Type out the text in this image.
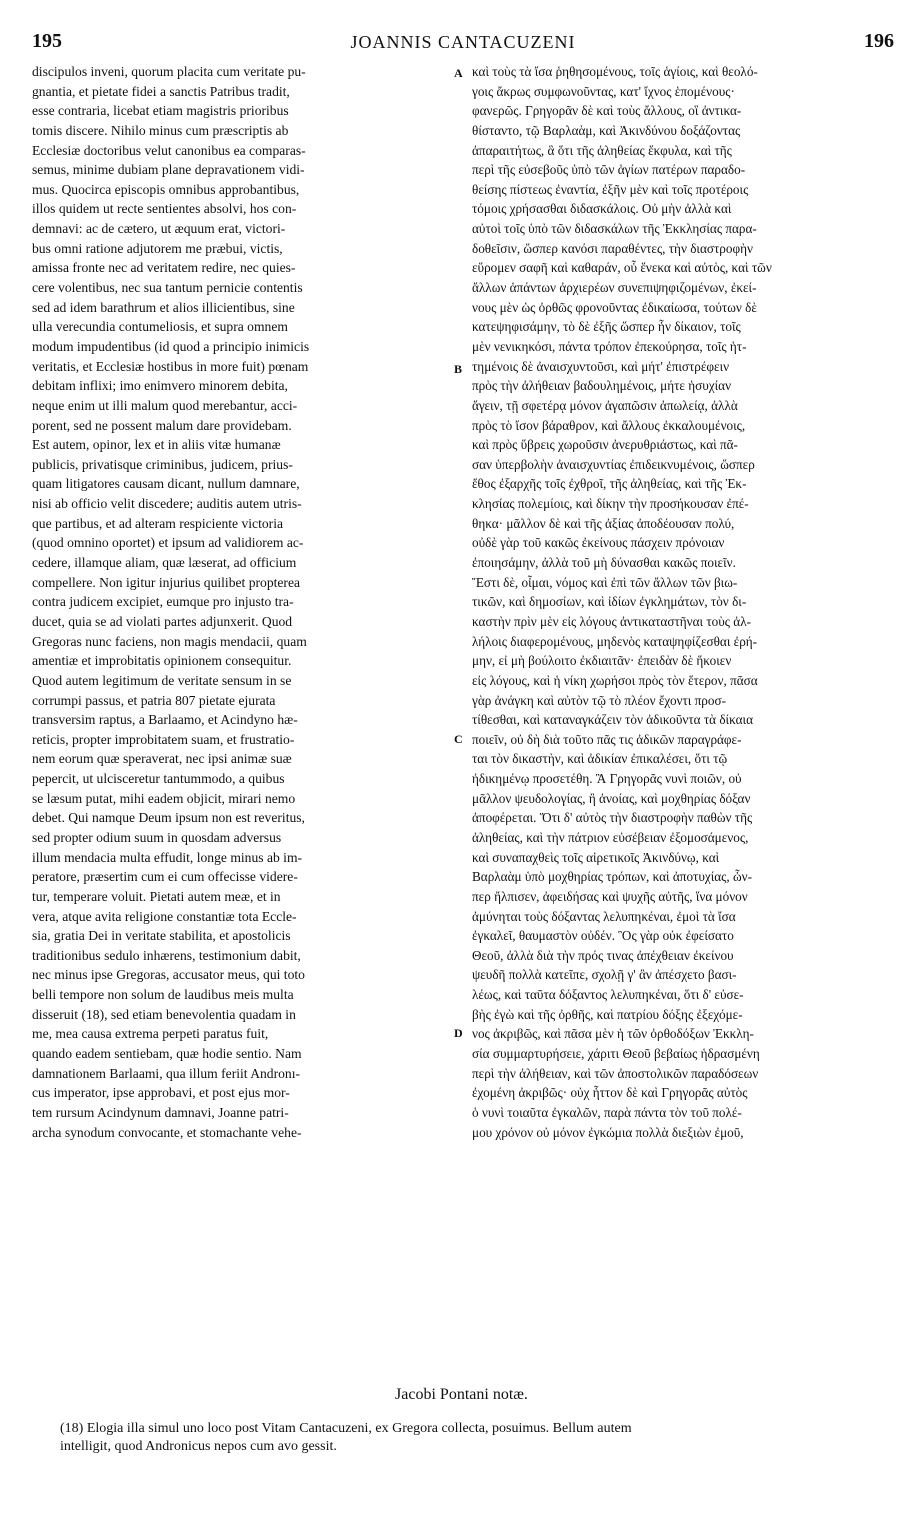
195	JOANNIS CANTACUZENI	196
discipulos inveni, quorum placita cum veritate pu-
gnantia, et pietate fidei a sanctis Patribus tradit,
esse contraria, licebat etiam magistris prioribus
tomis discere. Nihilo minus cum præscriptis ab
Ecclesiæ doctoribus velut canonibus ea comparas-
semus, minime dubiam plane depravationem vidi-
mus. Quocirca episcopis omnibus approbantibus,
illos quidem ut recte sentientes absolvi, hos con-
demnavi: ac de cætero, ut æquum erat, victori-
bus omni ratione adjutorem me præbui, victis,
amissa fronte nec ad veritatem redire, nec quies-
cere volentibus, nec sua tantum pernicie contentis
sed ad idem barathrum et alios illicientibus, sine
ulla verecundia contumeliosis, et supra omnem
modum impudentibus (id quod a principio inimicis
veritatis, et Ecclesiæ hostibus in more fuit) pœnam
debitam inflixi; imo enimvero minorem debita,
neque enim ut illi malum quod merebantur, acci-
porent, sed ne possent malum dare providebam.
Est autem, opinor, lex et in aliis vitæ humanæ
publicis, privatisque criminibus, judicem, prius-
quam litigatores causam dicant, nullum damnare,
nisi ab officio velit discedere; auditis autem utris-
que partibus, et ad alteram respiciente victoria
(quod omnino oportet) et ipsum ad validiorem ac-
cedere, illamque aliam, quæ læserat, ad officium
compellere. Non igitur injurius quilibet propterea
contra judicem excipiet, eumque pro injusto tra-
ducet, quia se ad violati partes adjunxerit. Quod
Gregoras nunc faciens, non magis mendacii, quam
amentiæ et improbitatis opinionem consequitur.
Quod autem legitimum de veritate sensum in se
corrumpi passus, et patria 807 pietate ejurata
transversim raptus, a Barlaamo, et Acindyno hæ-
reticis, propter improbitatem suam, et frustratio-
nem eorum quæ speraverat, nec ipsi animæ suæ
pepercit, ut ulcisceretur tantummodo, a quibus
se læsum putat, mihi eadem objicit, mirari nemo
debet. Qui namque Deum ipsum non est reveritus,
sed propter odium suum in quosdam adversus
illum mendacia multa effudit, longe minus ab im-
peratore, præsertim cum ei cum offecisse videre-
tur, temperare voluit. Pietati autem meæ, et in
vera, atque avita religione constantiæ tota Eccle-
sia, gratia Dei in veritate stabilita, et apostolicis
traditionibus sedulo inhærens, testimonium dabit,
nec minus ipse Gregoras, accusator meus, qui toto
belli tempore non solum de laudibus meis multa
disseruit (18), sed etiam benevolentia quadam in
me, mea causa extrema perpeti paratus fuit,
quando eadem sentiebam, quæ hodie sentio. Nam
damnationem Barlaami, qua illum feriit Andronı-
cus imperator, ipse approbavi, et post ejus mor-
tem rursum Acindynum damnavi, Joanne patri-
archa synodum convocante, et stomachante vehe-
καὶ τοὺς τὰ ἴσα ῥηθησομένους, τοῖς ἁγίοις, καὶ θεολό-
γοις ἄκρως συμφωνοῦντας, κατ' ἴχνος ἑπομένους·
φανερῶς. Γρηγορᾶν δὲ καὶ τοὺς ἄλλους, οἳ ἀντικα-
θίσταντο, τῷ Βαρλαὰμ, καὶ Ἀκινδύνου δοξάζοντας
ἀπαραιτήτως, ἃ ὅτι τῆς ἀληθείας ἔκφυλα, καὶ τῆς
περὶ τῆς εὐσεβοῦς ὑπὸ τῶν ἁγίων πατέρων παραδο-
θείσης πίστεως ἐναντία, ἐξῆν μὲν καὶ τοῖς προτέροις
τόμοις χρήσασθαι διδασκάλοις. Οὐ μὴν ἀλλὰ καὶ
αὐτοὶ τοῖς ὑπὸ τῶν διδασκάλων τῆς Ἐκκλησίας παρα-
δοθεῖσιν, ὥσπερ κανόσι παραθέντες, τὴν διαστροφὴν
εὕρομεν σαφῆ καὶ καθαράν, οὗ ἕνεκα καὶ αὐτὸς, καὶ τῶν
ἄλλων ἁπάντων ἀρχιερέων συνεπιψηφιζομένων, ἐκεί-
νους μὲν ὡς ὀρθῶς φρονοῦντας ἐδικαίωσα, τούτων δὲ
κατεψηφισάμην, τὸ δὲ ἐξῆς ὥσπερ ἦν δίκαιον, τοῖς
μὲν νενικηκόσι, πάντα τρόπον ἐπεκούρησα, τοῖς ἡτ-
τημένοις δὲ ἀναισχυντοῦσι, καὶ μήτ' ἐπιστρέφειν
πρὸς τὴν ἀλήθειαν βαδουλημένοις, μήτε ἡσυχίαν
ἄγειν, τῇ σφετέρᾳ μόνον ἀγαπῶσιν ἀπωλείᾳ, ἀλλὰ
πρὸς τὸ ἴσον βάραθρον, καὶ ἄλλους ἐκκαλουμένοις,
καὶ πρὸς ὕβρεις χωροῦσιν ἀνερυθριάστως, καὶ πᾶ-
σαν ὑπερβολὴν ἀναισχυντίας ἐπιδεικνυμένοις, ὥσπερ
ἔθος ἐξαρχῆς τοῖς ἐχθροῖ, τῆς ἀληθείας, καὶ τῆς Ἐκ-
κλησίας πολεμίοις, καὶ δίκην τὴν προσήκουσαν ἐπέ-
θηκα· μᾶλλον δὲ καὶ τῆς ἀξίας ἀποδέουσαν πολύ,
οὐδὲ γὰρ τοῦ κακῶς ἐκείνους πάσχειν πρόνοιαν
ἐποιησάμην, ἀλλὰ τοῦ μὴ δύνασθαι κακῶς ποιεῖν.
Ἔστι δὲ, οἶμαι, νόμος καὶ ἐπὶ τῶν ἄλλων τῶν βιω-
τικῶν, καὶ δημοσίων, καὶ ἰδίων ἐγκλημάτων, τὸν δι-
καστὴν πρὶν μὲν εἰς λόγους ἀντικαταστῆναι τοὺς ἀλ-
λήλοις διαφερομένους, μηδενὸς καταψηφίζεσθαι ἐρή-
μην, εἰ μὴ βούλοιτο ἐκδιαιτᾶν· ἐπειδὰν δὲ ἥκοιεν
εἰς λόγους, καὶ ἡ νίκη χωρήσοι πρὸς τὸν ἕτερον, πᾶσα
γὰρ ἀνάγκη καὶ αὐτὸν τῷ τὸ πλέον ἔχοντι προσ-
τίθεσθαι, καὶ καταναγκάζειν τὸν ἀδικοῦντα τὰ δίκαια
ποιεῖν, οὐ δὴ διὰ τοῦτο πᾶς τις ἀδικῶν παραγράφε-
ται τὸν δικαστὴν, καὶ ἀδικίαν ἐπικαλέσει, ὅτι τῷ
ἠδικημένῳ προσετέθη. Ἃ Γρηγορᾶς νυνὶ ποιῶν, οὐ
μᾶλλον ψευδολογίας, ἢ ἀνοίας, καὶ μοχθηρίας δόξαν
ἀποφέρεται. Ὅτι δ' αὐτὸς τὴν διαστροφὴν παθὼν τῆς
ἀληθείας, καὶ τὴν πάτριον εὐσέβειαν ἐξομοσάμενος,
καὶ συναπαχθεὶς τοῖς αἱρετικοῖς Ἀκινδύνῳ, καὶ
Βαρλαὰμ ὑπὸ μοχθηρίας τρόπων, καὶ ἀποτυχίας, ὧν-
περ ἤλπισεν, ἀφειδήσας καὶ ψυχῆς αὐτῆς, ἵνα μόνον
ἀμύνηται τοὺς δόξαντας λελυπηκέναι, ἐμοὶ τὰ ἴσα
ἐγκαλεῖ, θαυμαστὸν οὐδέν. Ὃς γὰρ οὐκ ἐφείσατο
Θεοῦ, ἀλλὰ διὰ τὴν πρός τινας ἀπέχθειαν ἐκείνου
ψευδῆ πολλὰ κατεῖπε, σχολῇ γ' ἂν ἀπέσχετο βασι-
λέως, καὶ ταῦτα δόξαντος λελυπηκέναι, ὅτι δ' εὐσε-
βὴς ἐγὼ καὶ τῆς ὀρθῆς, καὶ πατρίου δόξης ἐξεχόμε-
νος ἀκριβῶς, καὶ πᾶσα μὲν ἡ τῶν ὀρθοδόξων Ἐκκλη-
σία συμμαρτυρήσειε, χάριτι Θεοῦ βεβαίως ἡδρασμένη
περὶ τὴν ἀλήθειαν, καὶ τῶν ἀποστολικῶν παραδόσεων
ἐχομένη ἀκριβῶς· οὐχ ἧττον δὲ καὶ Γρηγορᾶς αὐτὸς
ὁ νυνὶ τοιαῦτα ἐγκαλῶν, παρὰ πάντα τὸν τοῦ πολέ-
μου χρόνον οὐ μόνον ἐγκώμια πολλὰ διεξιὼν ἐμοῦ,
A
B
C
D
Jacobi Pontani notæ.
(18) Elogia illa simul uno loco post Vitam Cantacuzeni, ex Gregora collecta, posuimus. Bellum autem
intelligit, quod Andronicus nepos cum avo gessit.
